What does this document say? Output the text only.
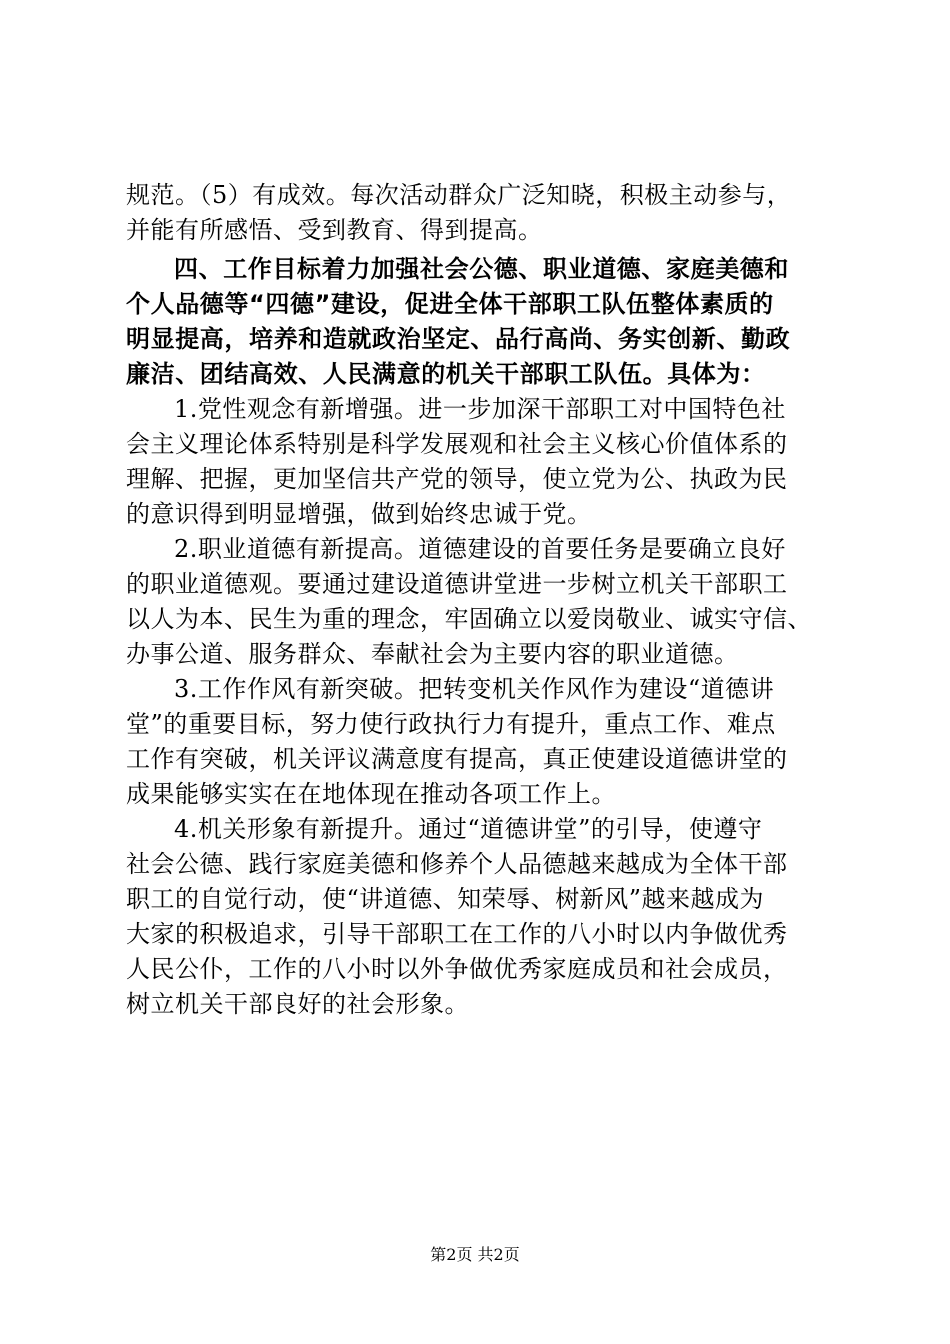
规范。（5）有成效。每次活动群众广泛知晓，积极主动参与，
并能有所感悟、受到教育、得到提高。
四、工作目标着力加强社会公德、职业道德、家庭美德和
个人品德等“四德”建设，促进全体干部职工队伍整体素质的
明显提高，培养和造就政治坚定、品行高尚、务实创新、勤政
廉洁、团结高效、人民满意的机关干部职工队伍。具体为：
1.党性观念有新增强。进一步加深干部职工对中国特色社
会主义理论体系特别是科学发展观和社会主义核心价值体系的
理解、把握，更加坚信共产党的领导，使立党为公、执政为民
的意识得到明显增强，做到始终忠诚于党。
2.职业道德有新提高。道德建设的首要任务是要确立良好
的职业道德观。要通过建设道德讲堂进一步树立机关干部职工
以人为本、民生为重的理念，牢固确立以爱岗敬业、诚实守信、
办事公道、服务群众、奉献社会为主要内容的职业道德。
3.工作作风有新突破。把转变机关作风作为建设“道德讲
堂”的重要目标，努力使行政执行力有提升，重点工作、难点
工作有突破，机关评议满意度有提高，真正使建设道德讲堂的
成果能够实实在在地体现在推动各项工作上。
4.机关形象有新提升。通过“道德讲堂”的引导，使遵守
社会公德、践行家庭美德和修养个人品德越来越成为全体干部
职工的自觉行动，使“讲道德、知荣辱、树新风”越来越成为
大家的积极追求，引导干部职工在工作的八小时以内争做优秀
人民公仆，工作的八小时以外争做优秀家庭成员和社会成员，
树立机关干部良好的社会形象。
第2页 共2页
